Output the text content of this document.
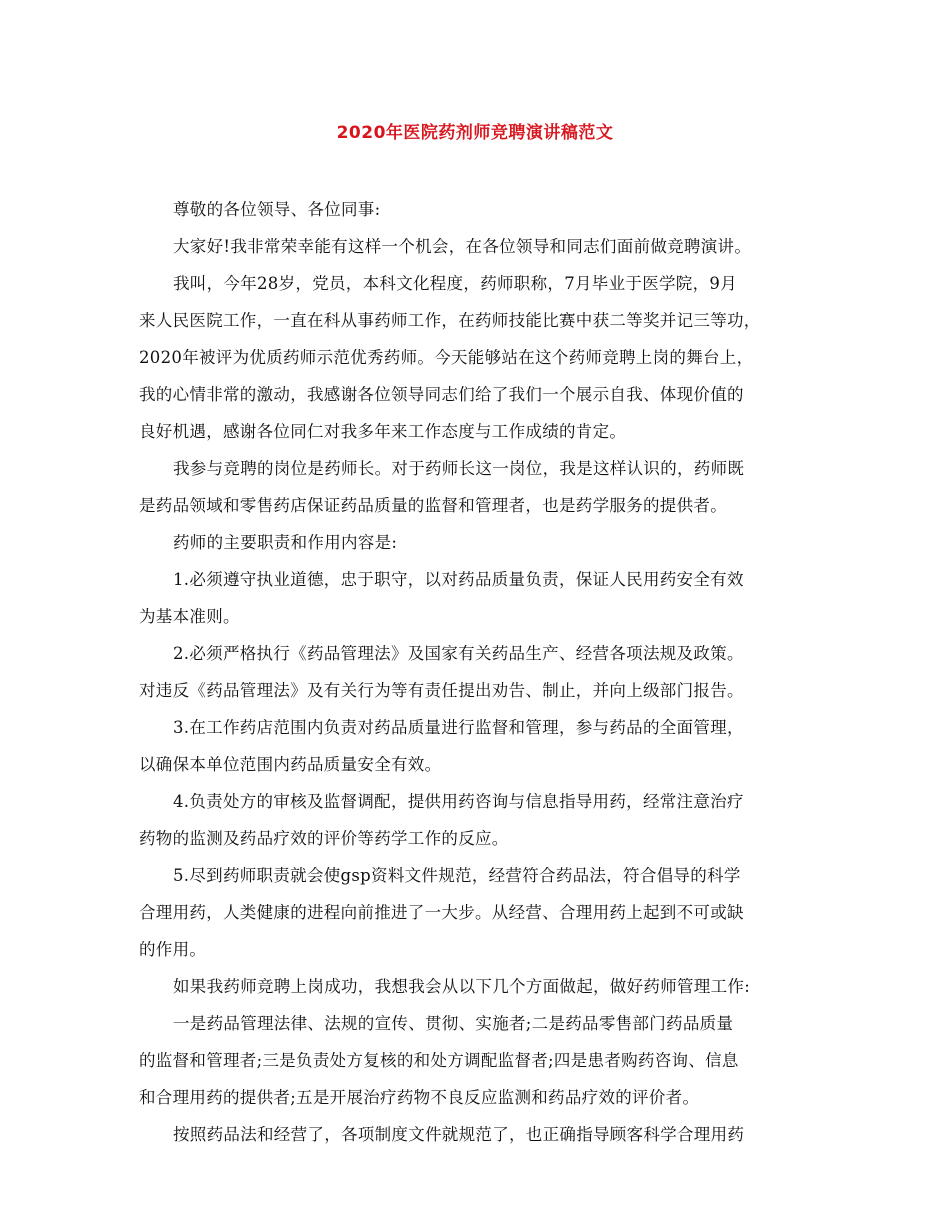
2020年医院药剂师竞聘演讲稿范文
尊敬的各位领导、各位同事:
大家好!我非常荣幸能有这样一个机会，在各位领导和同志们面前做竞聘演讲。
我叫，今年28岁，党员，本科文化程度，药师职称，7月毕业于医学院，9月
来人民医院工作，一直在科从事药师工作，在药师技能比赛中获二等奖并记三等功，
2020年被评为优质药师示范优秀药师。今天能够站在这个药师竞聘上岗的舞台上，
我的心情非常的激动，我感谢各位领导同志们给了我们一个展示自我、体现价值的
良好机遇，感谢各位同仁对我多年来工作态度与工作成绩的肯定。
我参与竞聘的岗位是药师长。对于药师长这一岗位，我是这样认识的，药师既
是药品领域和零售药店保证药品质量的监督和管理者，也是药学服务的提供者。
药师的主要职责和作用内容是:
1.必须遵守执业道德，忠于职守，以对药品质量负责，保证人民用药安全有效
为基本准则。
2.必须严格执行《药品管理法》及国家有关药品生产、经营各项法规及政策。
对违反《药品管理法》及有关行为等有责任提出劝告、制止，并向上级部门报告。
3.在工作药店范围内负责对药品质量进行监督和管理，参与药品的全面管理，
以确保本单位范围内药品质量安全有效。
4.负责处方的审核及监督调配，提供用药咨询与信息指导用药，经常注意治疗
药物的监测及药品疗效的评价等药学工作的反应。
5.尽到药师职责就会使gsp资料文件规范，经营符合药品法，符合倡导的科学
合理用药，人类健康的进程向前推进了一大步。从经营、合理用药上起到不可或缺
的作用。
如果我药师竞聘上岗成功，我想我会从以下几个方面做起，做好药师管理工作:
一是药品管理法律、法规的宣传、贯彻、实施者;二是药品零售部门药品质量
的监督和管理者;三是负责处方复核的和处方调配监督者;四是患者购药咨询、信息
和合理用药的提供者;五是开展治疗药物不良反应监测和药品疗效的评价者。
按照药品法和经营了，各项制度文件就规范了，也正确指导顾客科学合理用药
